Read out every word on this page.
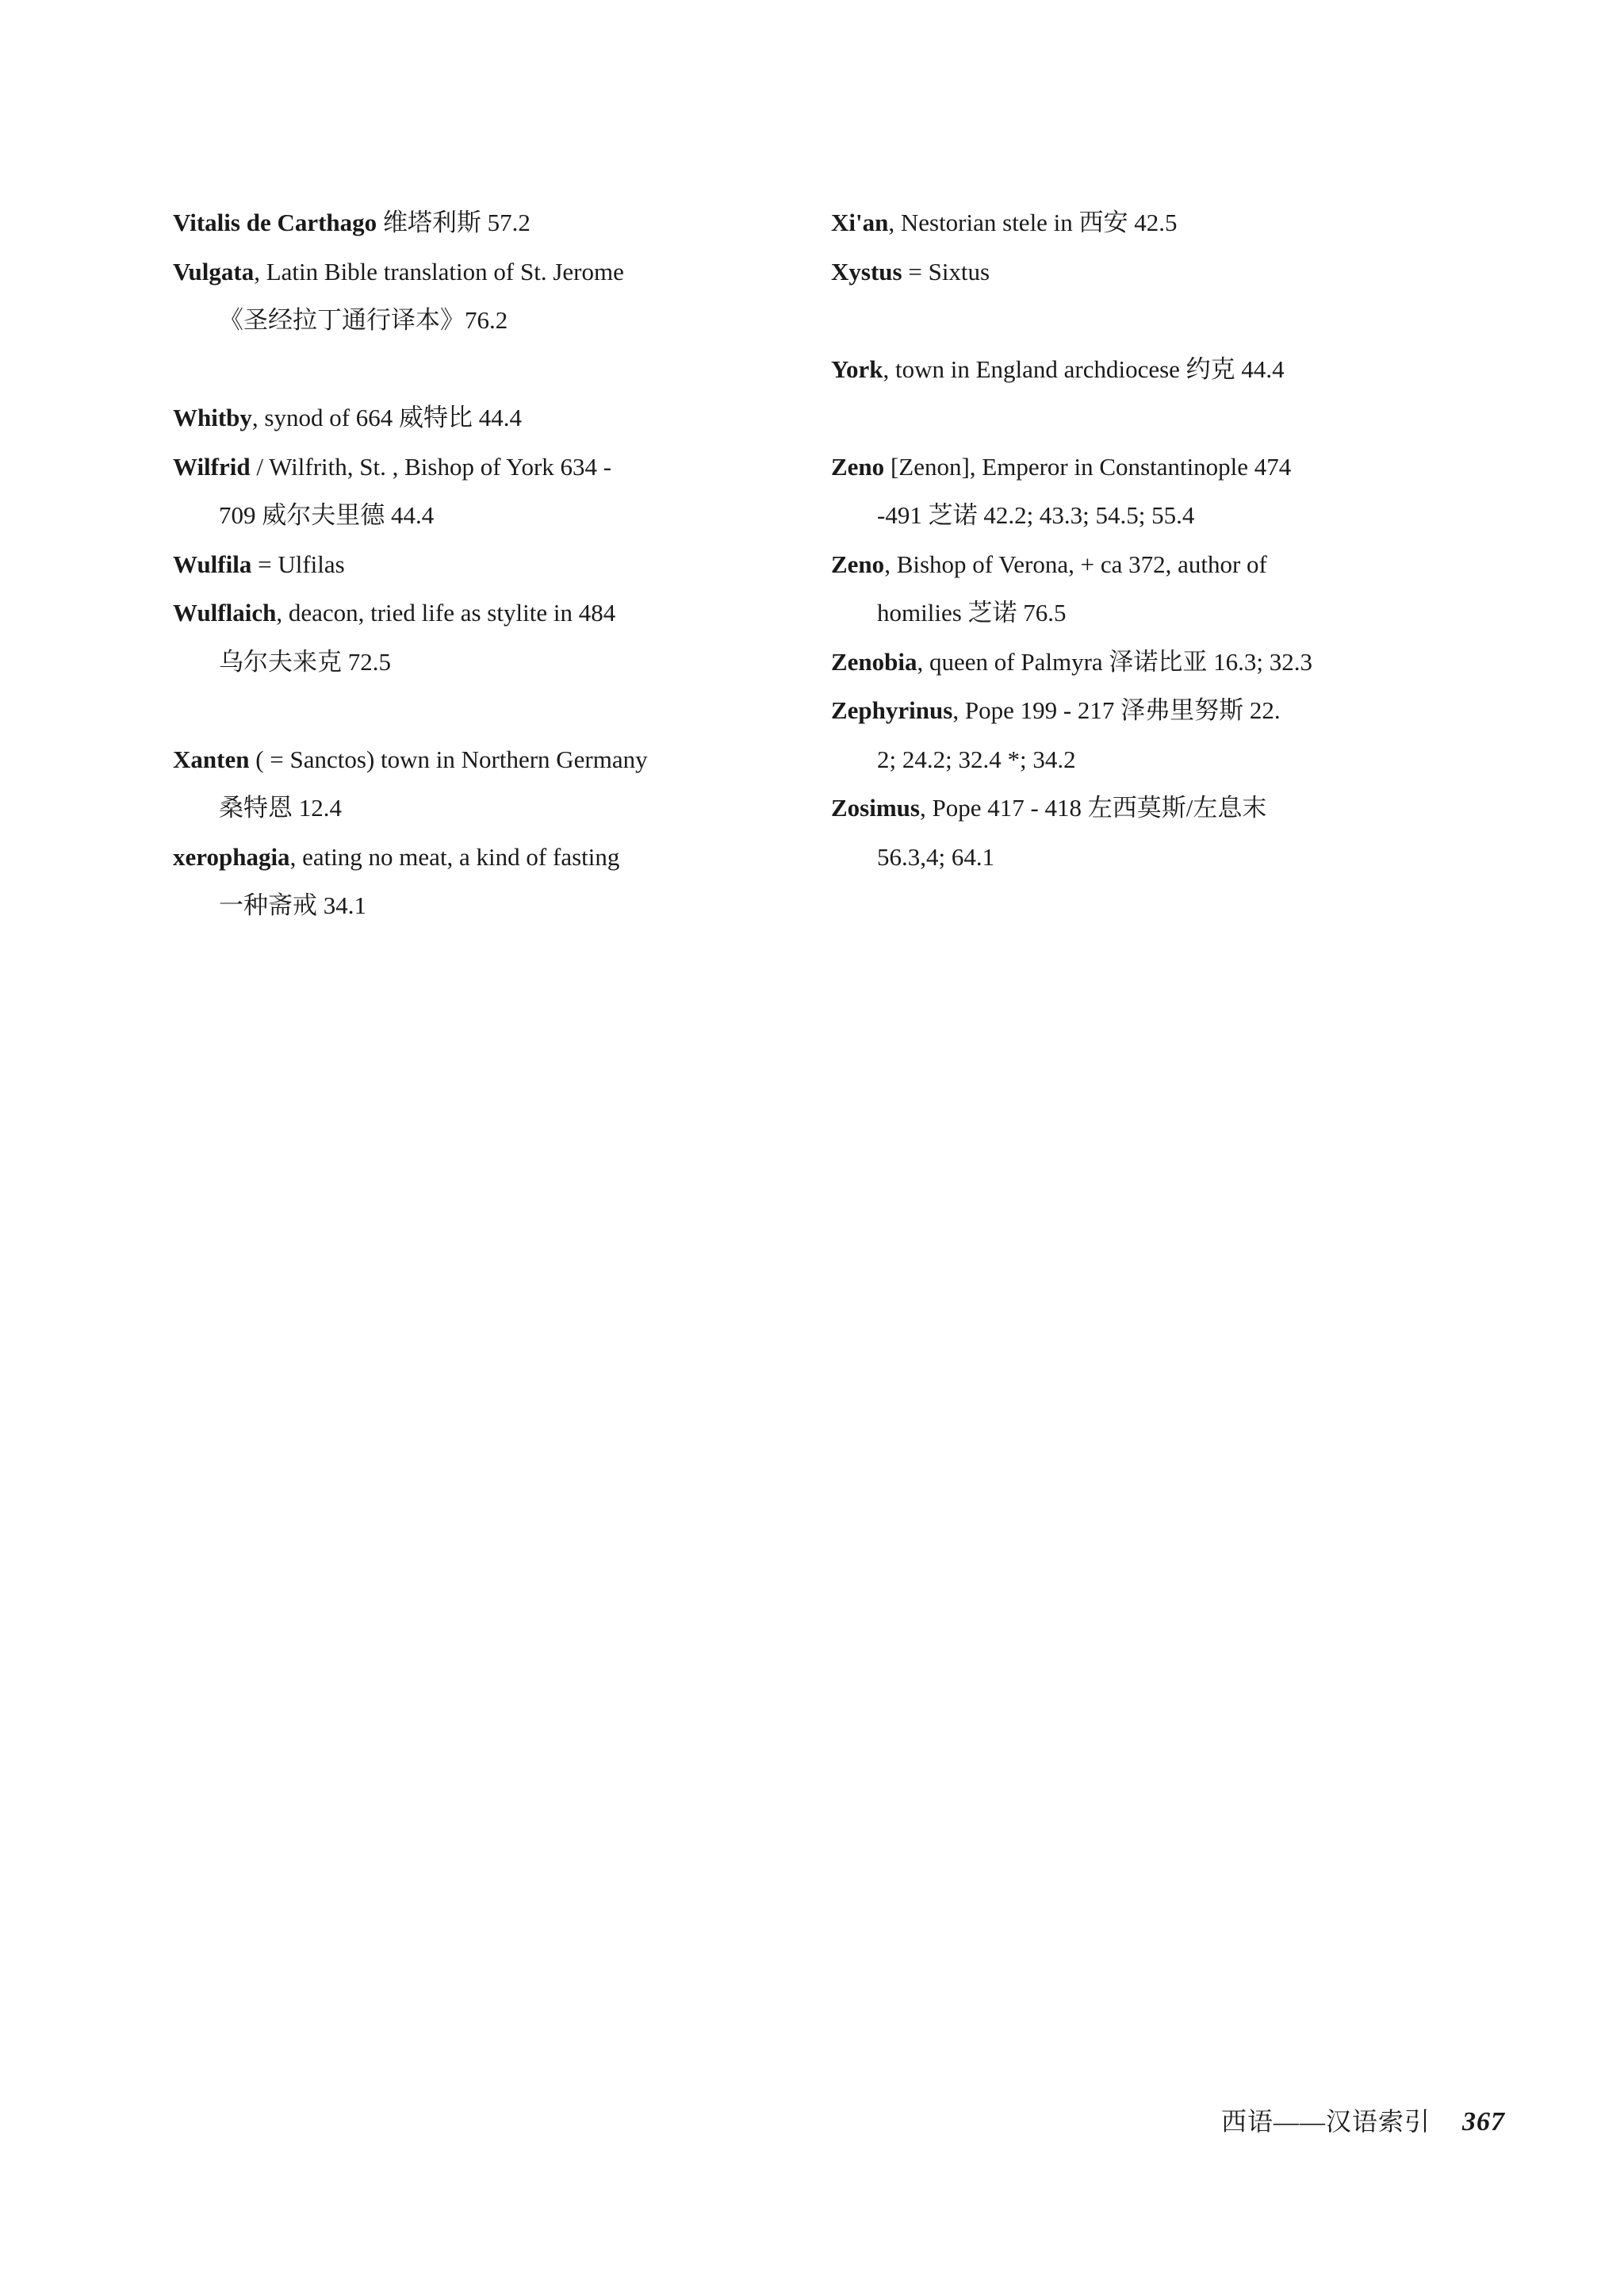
Vitalis de Carthago 维塔利斯 57.2
Vulgata, Latin Bible translation of St. Jerome
《圣经拉丁通行译本》76.2
Whitby, synod of 664 威特比 44.4
Wilfrid / Wilfrith, St. , Bishop of York 634 -
709 威尔夫里德 44.4
Wulfila = Ulfilas
Wulflaich, deacon, tried life as stylite in 484
乌尔夫来克 72.5
Xanten ( = Sanctos) town in Northern Germany
桑特恩 12.4
xerophagia, eating no meat, a kind of fasting
一种斋戒 34.1
Xi'an, Nestorian stele in 西安 42.5
Xystus = Sixtus
York, town in England archdiocese 约克 44.4
Zeno [Zenon], Emperor in Constantinople 474
-491 芝诺 42.2; 43.3; 54.5; 55.4
Zeno, Bishop of Verona, + ca 372, author of
homilies 芝诺 76.5
Zenobia, queen of Palmyra 泽诺比亚 16.3; 32.3
Zephyrinus, Pope 199 - 217 泽弗里努斯 22.
2; 24.2; 32.4 *; 34.2
Zosimus, Pope 417 - 418 左西莫斯/左息末
56.3,4; 64.1
西语——汉语索引 367
